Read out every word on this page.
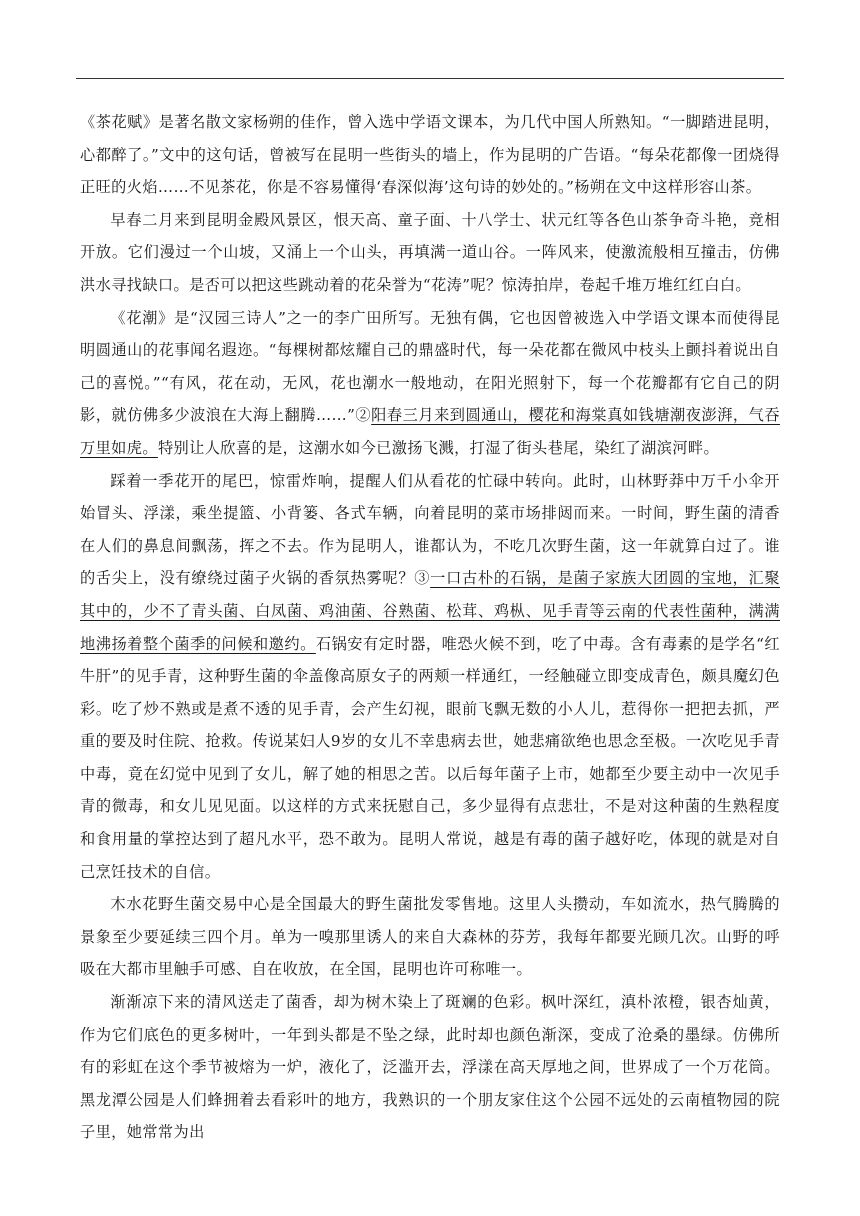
《茶花赋》是著名散文家杨朔的佳作，曾入选中学语文课本，为几代中国人所熟知。“一脚踏进昆明，心都醉了。”文中的这句话，曾被写在昆明一些街头的墙上，作为昆明的广告语。“每朵花都像一团烧得正旺的火焰……不见茶花，你是不容易懂得‘春深似海’这句诗的妙处的。”杨朔在文中这样形容山茶。

早春二月来到昆明金殿风景区，恨天高、童子面、十八学士、状元红等各色山茶争奇斗艳，竞相开放。它们漫过一个山坡，又涌上一个山头，再填满一道山谷。一阵风来，使激流般相互撞击，仿佛洪水寻找缺口。是否可以把这些跳动着的花朵誉为“花涛”呢？惊涛拍岸，卷起千堆万堆红红白白。

《花潮》是“汉园三诗人”之一的李广田所写。无独有偶，它也因曾被选入中学语文课本而使得昆明圆通山的花事闻名遐迩。“每棵树都炫耀自己的鼎盛时代，每一朵花都在微风中枝头上颤抖着说出自己的喜悦。”“有风，花在动，无风，花也潮水一般地动，在阳光照射下，每一个花瓣都有它自己的阴影，就仿佛多少波浪在大海上翻腾……”②阳春三月来到圆通山，樱花和海棠真如钱塘潮夜澎湃，气吞万里如虎。特别让人欣喜的是，这潮水如今已激扬飞溅，打湿了街头巷尾，染红了湖滨河畔。

踩着一季花开的尾巴，惊雷炸响，提醒人们从看花的忙碌中转向。此时，山林野莽中万千小伞开始冒头、浮漾，乘坐提篮、小背篓、各式车辆，向着昆明的菜市场排闼而来。一时间，野生菌的清香在人们的鼻息间飘荡，挥之不去。作为昆明人，谁都认为，不吃几次野生菌，这一年就算白过了。谁的舌尖上，没有缭绕过菌子火锅的香氛热雾呢？③一口古朴的石锅，是菌子家族大团圆的宝地，汇聚其中的，少不了青头菌、白凤菌、鸡油菌、谷熟菌、松茸、鸡枞、见手青等云南的代表性菌种，满满地沸扬着整个菌季的问候和邀约。石锅安有定时器，唯恐火候不到，吃了中毒。含有毒素的是学名“红牛肝”的见手青，这种野生菌的伞盖像高原女子的两颊一样通红，一经触碰立即变成青色，颇具魔幻色彩。吃了炒不熟或是煮不透的见手青，会产生幻视，眼前飞飘无数的小人儿，惹得你一把把去抓，严重的要及时住院、抢救。传说某妇人9岁的女儿不幸患病去世，她悲痛欲绝也思念至极。一次吃见手青中毒，竟在幻觉中见到了女儿，解了她的相思之苦。以后每年菌子上市，她都至少要主动中一次见手青的微毒，和女儿见见面。以这样的方式来抚慰自己，多少显得有点悲壮，不是对这种菌的生熟程度和食用量的掌控达到了超凡水平，恐不敢为。昆明人常说，越是有毒的菌子越好吃，体现的就是对自己烹饪技术的自信。

木水花野生菌交易中心是全国最大的野生菌批发零售地。这里人头攒动，车如流水，热气腾腾的景象至少要延续三四个月。单为一嗅那里诱人的来自大森林的芬芳，我每年都要光顾几次。山野的呼吸在大都市里触手可感、自在收放，在全国，昆明也许可称唯一。

渐渐凉下来的清风送走了菌香，却为树木染上了斑斓的色彩。枫叶深红，滇朴浓橙，银杏灿黄，作为它们底色的更多树叶，一年到头都是不坠之绿，此时却也颜色渐深，变成了沧桑的墨绿。仿佛所有的彩虹在这个季节被熔为一炉，液化了，泛滥开去，浮漾在高天厚地之间，世界成了一个万花筒。黑龙潭公园是人们蜂拥着去看彩叶的地方，我熟识的一个朋友家住这个公园不远处的云南植物园的院子里，她常常为出
